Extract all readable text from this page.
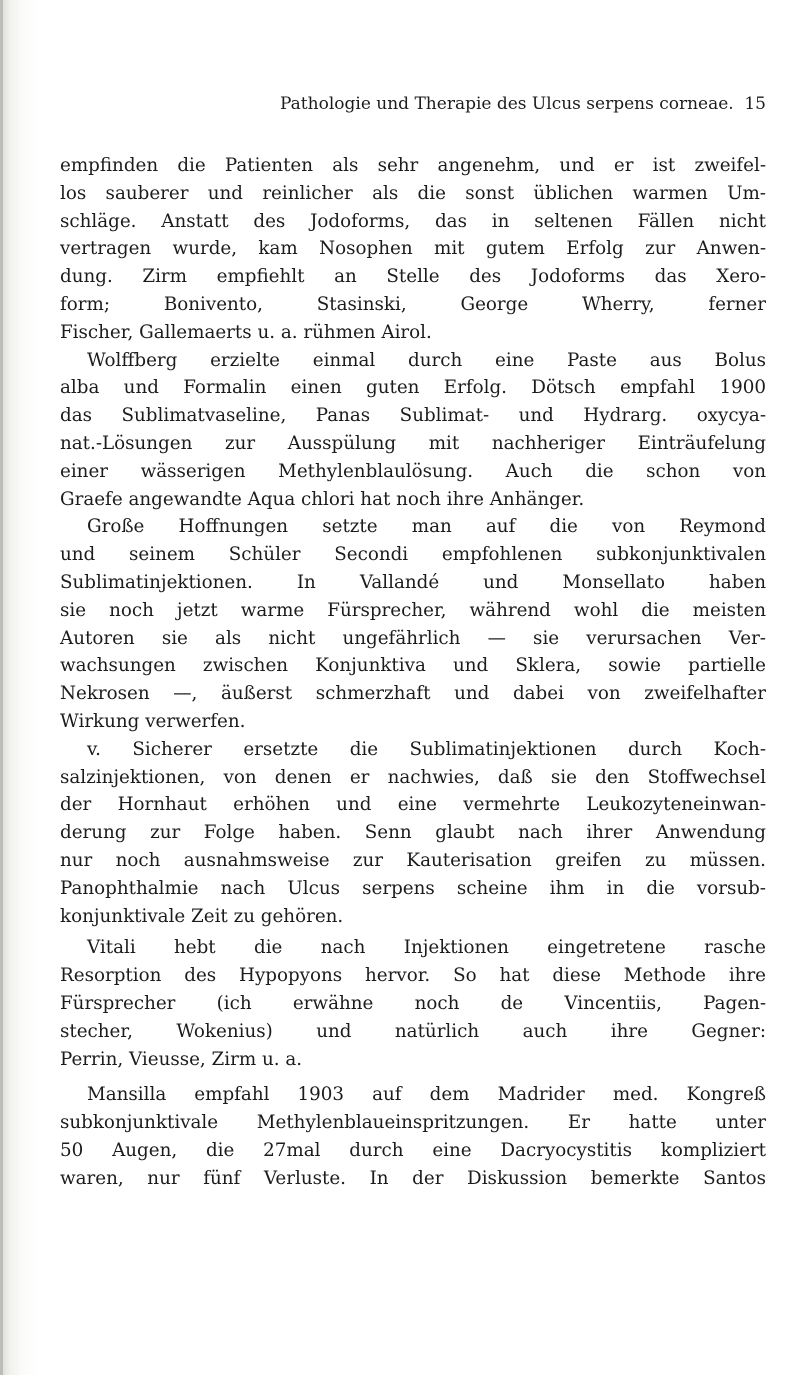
Pathologie und Therapie des Ulcus serpens corneae. 15

empfinden die Patienten als sehr angenehm, und er ist zweifel-
los sauberer und reinlicher als die sonst üblichen warmen Um-
schläge. Anstatt des Jodoforms, das in seltenen Fällen nicht
vertragen wurde, kam Nosophen mit gutem Erfolg zur Anwen-
dung. Zirm empfiehlt an Stelle des Jodoforms das Xero-
form; Bonivento, Stasinski, George Wherry, ferner
Fischer, Gallemaerts u. a. rühmen Airol.

Wolffberg erzielte einmal durch eine Paste aus Bolus
alba und Formalin einen guten Erfolg. Dötsch empfahl 1900
das Sublimatvaseline, Panas Sublimat- und Hydrarg. oxycya-
nat.-Lösungen zur Ausspülung mit nachheriger Einträufelung
einer wässerigen Methylenblaulösung. Auch die schon von
Graefe angewandte Aqua chlori hat noch ihre Anhänger.

Große Hoffnungen setzte man auf die von Reymond
und seinem Schüler Secondi empfohlenen subkonjunktivalen
Sublimatinjektionen. In Vallandé und Monsellato haben
sie noch jetzt warme Fürsprecher, während wohl die meisten
Autoren sie als nicht ungefährlich — sie verursachen Ver-
wachsungen zwischen Konjunktiva und Sklera, sowie partielle
Nekrosen —, äußerst schmerzhaft und dabei von zweifelhafter
Wirkung verwerfen.

v. Sicherer ersetzte die Sublimatinjektionen durch Koch-
salzinjektionen, von denen er nachwies, daß sie den Stoffwechsel
der Hornhaut erhöhen und eine vermehrte Leukozyteneinwan-
derung zur Folge haben. Senn glaubt nach ihrer Anwendung
nur noch ausnahmsweise zur Kauterisation greifen zu müssen.
Panophthalmie nach Ulcus serpens scheine ihm in die vorsub-
konjunktivale Zeit zu gehören.

Vitali hebt die nach Injektionen eingetretene rasche
Resorption des Hypopyons hervor. So hat diese Methode ihre
Fürsprecher (ich erwähne noch de Vincentiis, Pagen-
stecher, Wokenius) und natürlich auch ihre Gegner:
Perrin, Vieusse, Zirm u. a.

Mansilla empfahl 1903 auf dem Madrider med. Kongreß
subkonjunktivale Methylenblaueinspritzungen. Er hatte unter
50 Augen, die 27mal durch eine Dacryocystitis kompliziert
waren, nur fünf Verluste. In der Diskussion bemerkte Santos
